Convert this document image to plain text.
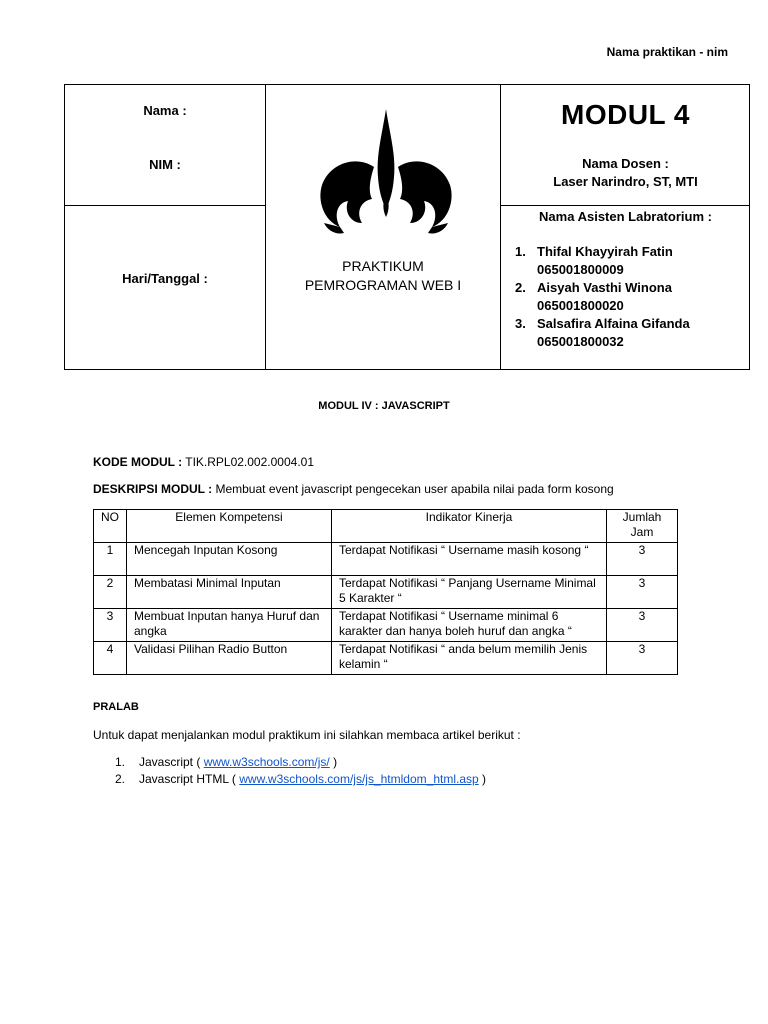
Nama praktikan - nim
Nama :
NIM :
Hari/Tanggal :
PRAKTIKUM
PEMROGRAMAN WEB I
MODUL 4
Nama Dosen :
Laser Narindro, ST, MTI
Nama Asisten Labratorium :
1. Thifal Khayyirah Fatin
065001800009
2. Aisyah Vasthi Winona
065001800020
3. Salsafira Alfaina Gifanda
065001800032
MODUL IV : JAVASCRIPT
KODE MODUL : TIK.RPL02.002.0004.01
DESKRIPSI MODUL : Membuat event javascript pengecekan user apabila nilai pada form kosong
NO	Elemen Kompetensi	Indikator Kinerja	Jumlah Jam
1	Mencegah Inputan Kosong	Terdapat Notifikasi “ Username masih kosong “	3
2	Membatasi Minimal Inputan	Terdapat Notifikasi “ Panjang Username Minimal 5 Karakter “	3
3	Membuat Inputan hanya Huruf dan angka	Terdapat Notifikasi “ Username minimal 6 karakter dan hanya boleh huruf dan angka “	3
4	Validasi Pilihan Radio Button	Terdapat Notifikasi “ anda belum memilih Jenis kelamin “	3
PRALAB
Untuk dapat menjalankan modul praktikum ini silahkan membaca artikel berikut :
1. Javascript ( www.w3schools.com/js/ )
2. Javascript HTML ( www.w3schools.com/js/js_htmldom_html.asp )
